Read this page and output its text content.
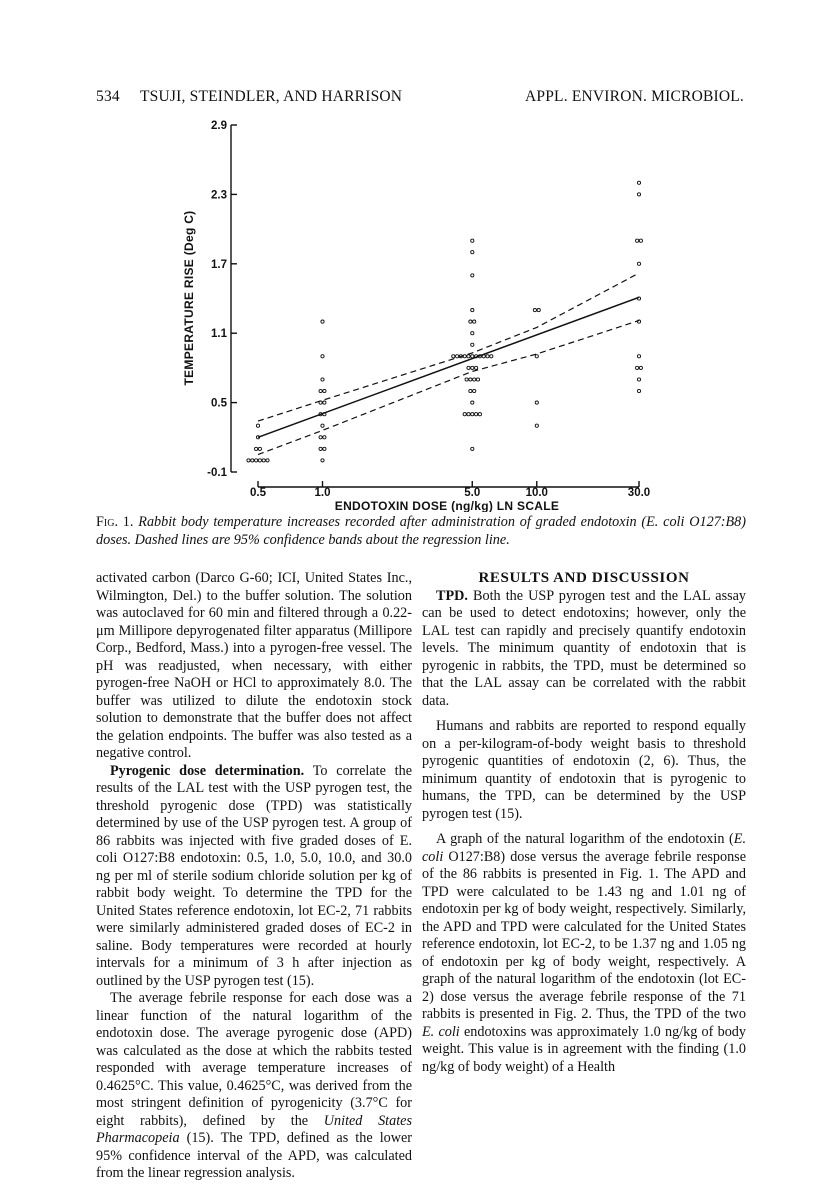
534 TSUJI, STEINDLER, AND HARRISON	APPL. ENVIRON. MICROBIOL.
-0.1
0.5
1.1
1.7
2.3
2.9
0.5	1.0	5.0	10.0	30.0
ENDOTOXIN DOSE (ng/kg) LN SCALE
TEMPERATURE RISE (Deg C)
Fig. 1. Rabbit body temperature increases recorded after administration of graded endotoxin (E. coli O127:B8) doses. Dashed lines are 95% confidence bands about the regression line.

activated carbon (Darco G-60; ICI, United States Inc., Wilmington, Del.) to the buffer solution. The solution was autoclaved for 60 min and filtered through a 0.22-μm Millipore depyrogenated filter apparatus (Millipore Corp., Bedford, Mass.) into a pyrogen-free vessel. The pH was readjusted, when necessary, with either pyrogen-free NaOH or HCl to approximately 8.0. The buffer was utilized to dilute the endotoxin stock solution to demonstrate that the buffer does not affect the gelation endpoints. The buffer was also tested as a negative control.

Pyrogenic dose determination. To correlate the results of the LAL test with the USP pyrogen test, the threshold pyrogenic dose (TPD) was statistically determined by use of the USP pyrogen test. A group of 86 rabbits was injected with five graded doses of E. coli O127:B8 endotoxin: 0.5, 1.0, 5.0, 10.0, and 30.0 ng per ml of sterile sodium chloride solution per kg of rabbit body weight. To determine the TPD for the United States reference endotoxin, lot EC-2, 71 rabbits were similarly administered graded doses of EC-2 in saline. Body temperatures were recorded at hourly intervals for a minimum of 3 h after injection as outlined by the USP pyrogen test (15).

The average febrile response for each dose was a linear function of the natural logarithm of the endotoxin dose. The average pyrogenic dose (APD) was calculated as the dose at which the rabbits tested responded with average temperature increases of 0.4625°C. This value, 0.4625°C, was derived from the most stringent definition of pyrogenicity (3.7°C for eight rabbits), defined by the United States Pharmacopeia (15). The TPD, defined as the lower 95% confidence interval of the APD, was calculated from the linear regression analysis.

RESULTS AND DISCUSSION

TPD. Both the USP pyrogen test and the LAL assay can be used to detect endotoxins; however, only the LAL test can rapidly and precisely quantify endotoxin levels. The minimum quantity of endotoxin that is pyrogenic in rabbits, the TPD, must be determined so that the LAL assay can be correlated with the rabbit data.

Humans and rabbits are reported to respond equally on a per-kilogram-of-body weight basis to threshold pyrogenic quantities of endotoxin (2, 6). Thus, the minimum quantity of endotoxin that is pyrogenic to humans, the TPD, can be determined by the USP pyrogen test (15).

A graph of the natural logarithm of the endotoxin (E. coli O127:B8) dose versus the average febrile response of the 86 rabbits is presented in Fig. 1. The APD and TPD were calculated to be 1.43 ng and 1.01 ng of endotoxin per kg of body weight, respectively. Similarly, the APD and TPD were calculated for the United States reference endotoxin, lot EC-2, to be 1.37 ng and 1.05 ng of endotoxin per kg of body weight, respectively. A graph of the natural logarithm of the endotoxin (lot EC-2) dose versus the average febrile response of the 71 rabbits is presented in Fig. 2. Thus, the TPD of the two E. coli endotoxins was approximately 1.0 ng/kg of body weight. This value is in agreement with the finding (1.0 ng/kg of body weight) of a Health
